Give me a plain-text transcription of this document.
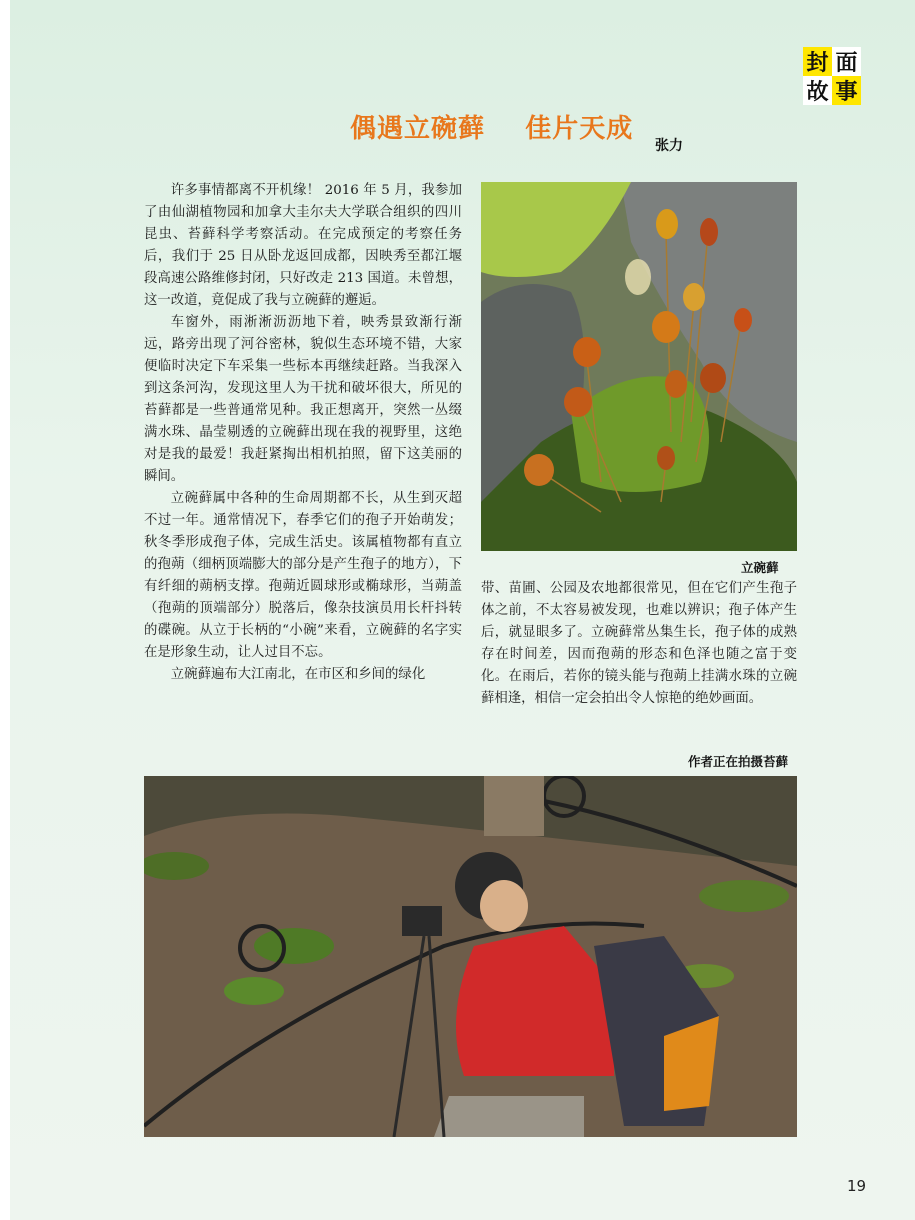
封 面
故 事
偶遇立碗藓    佳片天成
张力

许多事情都离不开机缘！ 2016 年 5 月，我参加了由仙湖植物园和加拿大圭尔夫大学联合组织的四川昆虫、苔藓科学考察活动。在完成预定的考察任务后，我们于 25 日从卧龙返回成都，因映秀至都江堰段高速公路维修封闭，只好改走 213 国道。未曾想，这一改道，竟促成了我与立碗藓的邂逅。

车窗外，雨淅淅沥沥地下着，映秀景致渐行渐远，路旁出现了河谷密林，貌似生态环境不错，大家便临时决定下车采集一些标本再继续赶路。当我深入到这条河沟，发现这里人为干扰和破坏很大，所见的苔藓都是一些普通常见种。我正想离开，突然一丛缀满水珠、晶莹剔透的立碗藓出现在我的视野里，这绝对是我的最爱！我赶紧掏出相机拍照，留下这美丽的瞬间。

立碗藓属中各种的生命周期都不长，从生到灭超不过一年。通常情况下，春季它们的孢子开始萌发；秋冬季形成孢子体，完成生活史。该属植物都有直立的孢蒴（细柄顶端膨大的部分是产生孢子的地方），下有纤细的蒴柄支撑。孢蒴近圆球形或椭球形，当蒴盖（孢蒴的顶端部分）脱落后，像杂技演员用长杆抖转的碟碗。从立于长柄的“小碗”来看，立碗藓的名字实在是形象生动，让人过目不忘。

立碗藓遍布大江南北，在市区和乡间的绿化

立碗藓

带、苗圃、公园及农地都很常见，但在它们产生孢子体之前，不太容易被发现，也难以辨识；孢子体产生后，就显眼多了。立碗藓常丛集生长，孢子体的成熟存在时间差，因而孢蒴的形态和色泽也随之富于变化。在雨后，若你的镜头能与孢蒴上挂满水珠的立碗藓相逢，相信一定会拍出令人惊艳的绝妙画面。

作者正在拍摄苔藓
19
